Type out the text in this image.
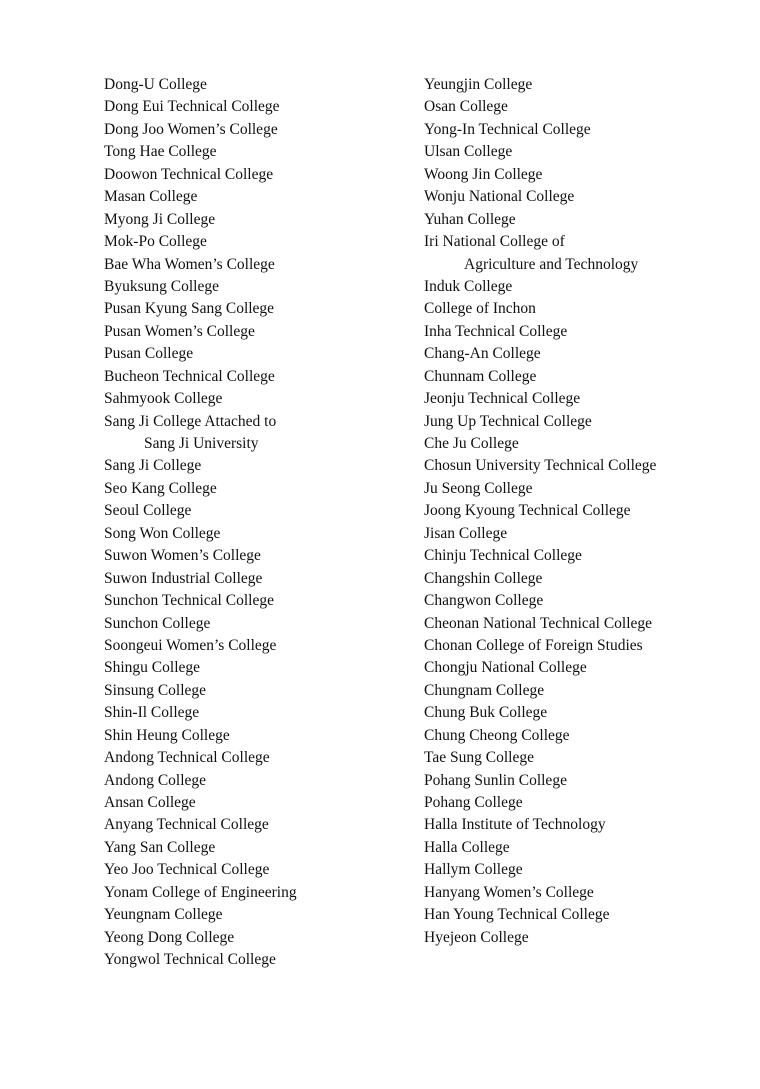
Dong-U College
Dong Eui Technical College
Dong Joo Women’s College
Tong Hae College
Doowon Technical College
Masan College
Myong Ji College
Mok-Po College
Bae Wha Women’s College
Byuksung College
Pusan Kyung Sang College
Pusan Women’s College
Pusan College
Bucheon Technical College
Sahmyook College
Sang Ji College Attached to
Sang Ji University
Sang Ji College
Seo Kang College
Seoul College
Song Won College
Suwon Women’s College
Suwon Industrial College
Sunchon Technical College
Sunchon College
Soongeui Women’s College
Shingu College
Sinsung College
Shin-Il College
Shin Heung College
Andong Technical College
Andong College
Ansan College
Anyang Technical College
Yang San College
Yeo Joo Technical College
Yonam College of Engineering
Yeungnam College
Yeong Dong College
Yongwol Technical College
Yeungjin College
Osan College
Yong-In Technical College
Ulsan College
Woong Jin College
Wonju National College
Yuhan College
Iri National College of
Agriculture and Technology
Induk College
College of Inchon
Inha Technical College
Chang-An College
Chunnam College
Jeonju Technical College
Jung Up Technical College
Che Ju College
Chosun University Technical College
Ju Seong College
Joong Kyoung Technical College
Jisan College
Chinju Technical College
Changshin College
Changwon College
Cheonan National Technical College
Chonan College of Foreign Studies
Chongju National College
Chungnam College
Chung Buk College
Chung Cheong College
Tae Sung College
Pohang Sunlin College
Pohang College
Halla Institute of Technology
Halla College
Hallym College
Hanyang Women’s College
Han Young Technical College
Hyejeon College
